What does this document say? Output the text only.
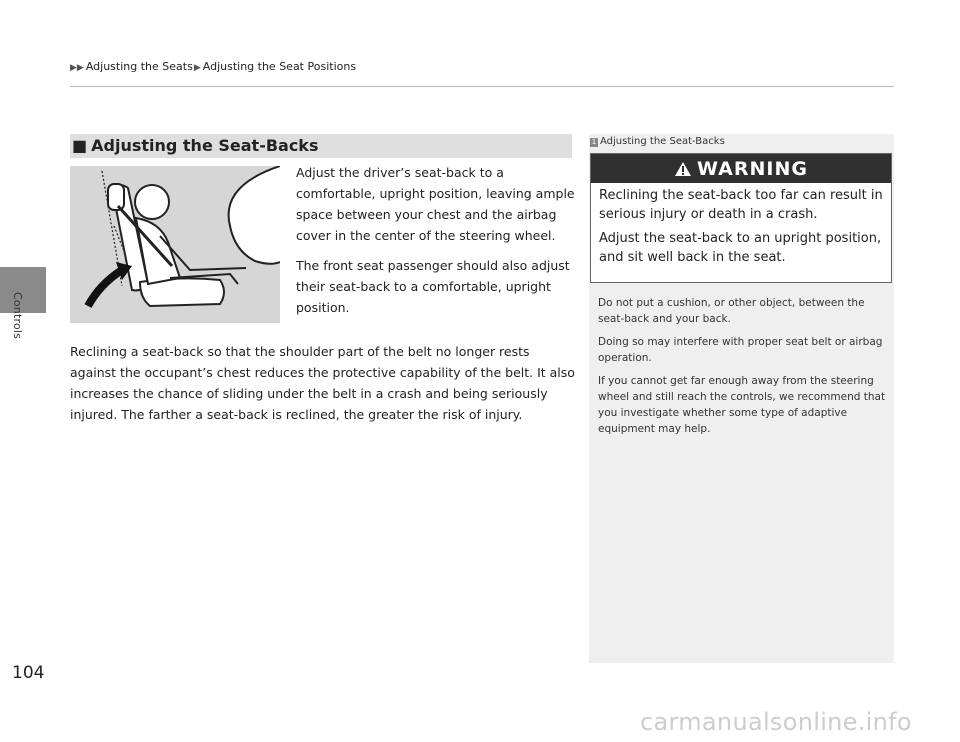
Controls
▶▶ Adjusting the Seats▶ Adjusting the Seat Positions
■ Adjusting the Seat-Backs

Adjust the driver’s seat-back to a comfortable, upright position, leaving ample space between your chest and the airbag cover in the center of the steering wheel.

The front seat passenger should also adjust their seat-back to a comfortable, upright position.

Reclining a seat-back so that the shoulder part of the belt no longer rests against the occupant’s chest reduces the protective capability of the belt. It also increases the chance of sliding under the belt in a crash and being seriously injured. The farther a seat-back is reclined, the greater the risk of injury.
1 Adjusting the Seat-Backs
WARNING

Reclining the seat-back too far can result in serious injury or death in a crash.

Adjust the seat-back to an upright position, and sit well back in the seat.

Do not put a cushion, or other object, between the seat-back and your back.

Doing so may interfere with proper seat belt or airbag operation.

If you cannot get far enough away from the steering wheel and still reach the controls, we recommend that you investigate whether some type of adaptive equipment may help.

104
carmanualsonline.info
